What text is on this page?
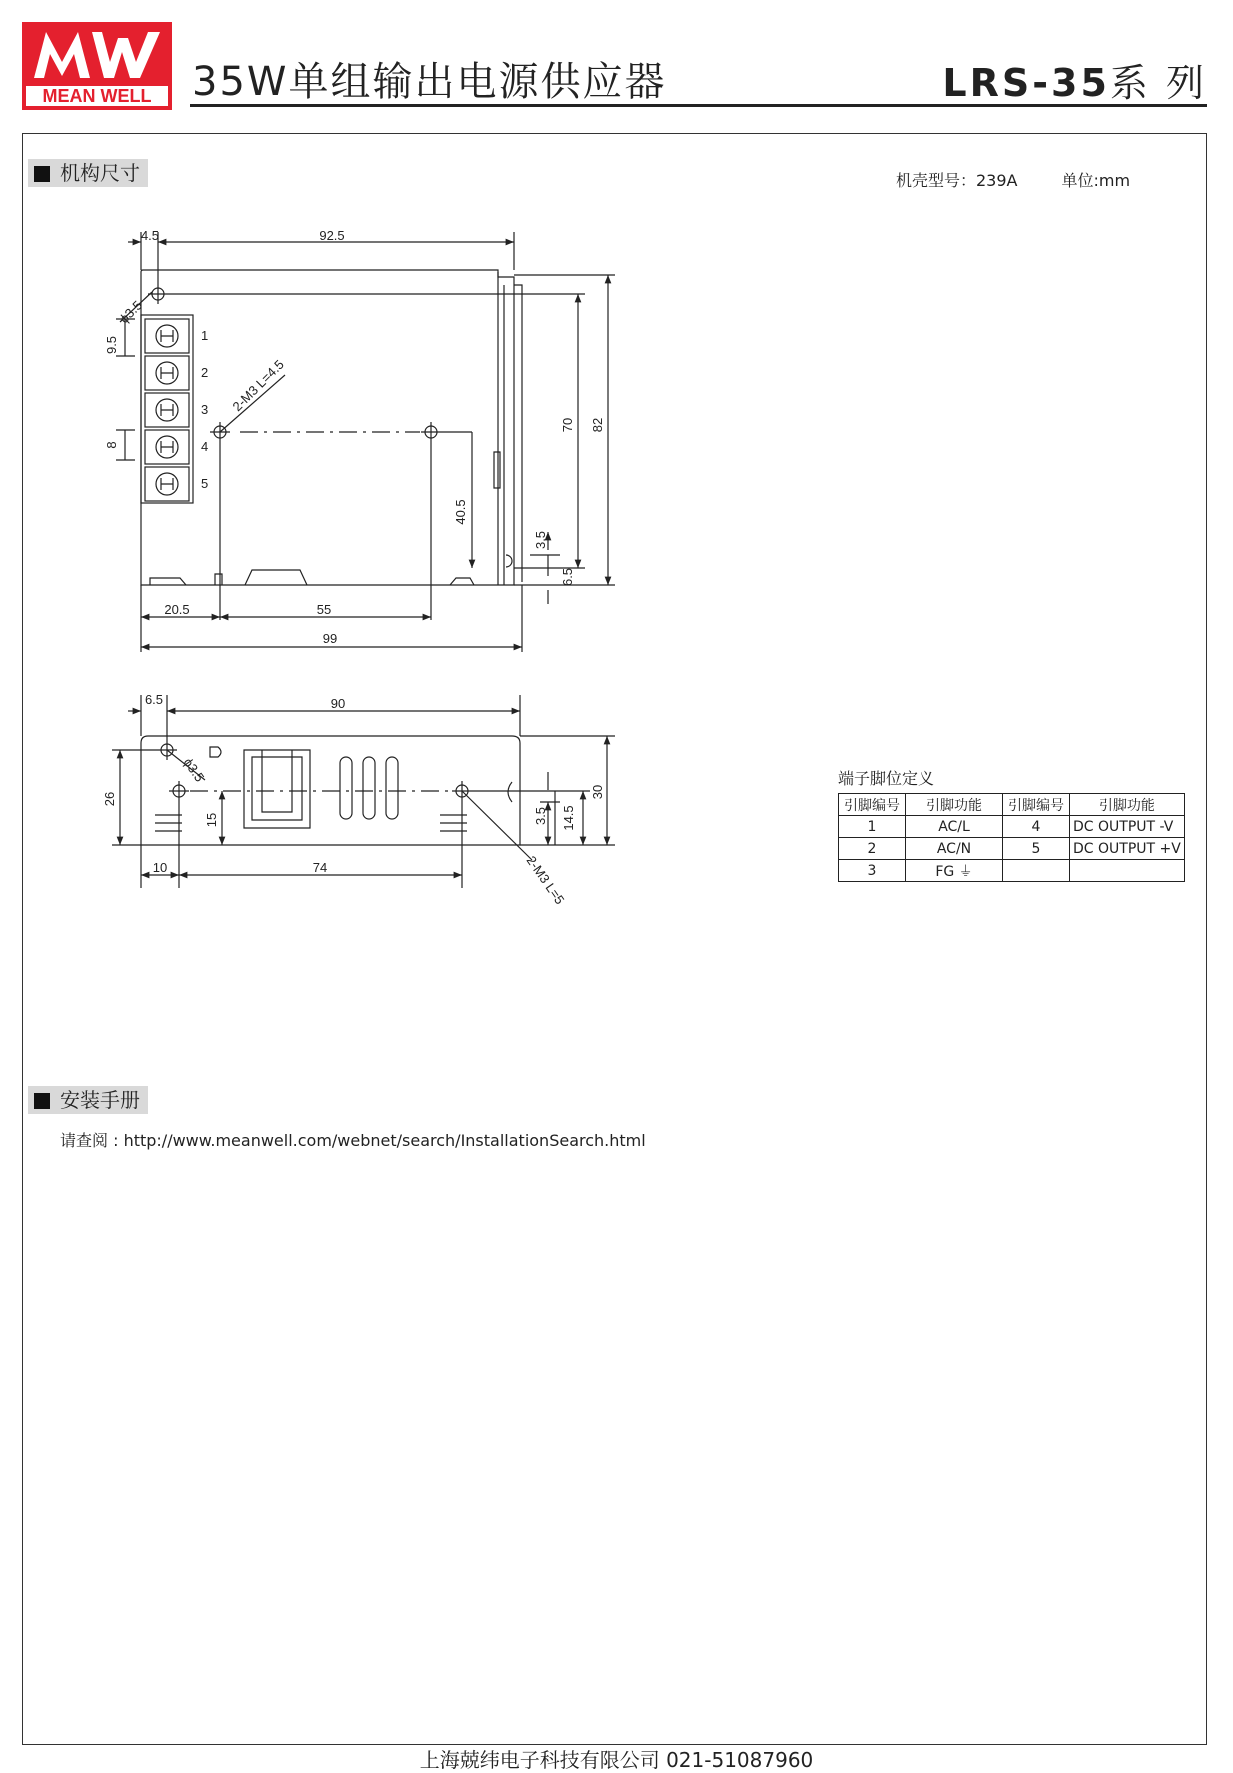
MEAN WELL 35W单组输出电源供应器	LRS-35系 列
机构尺寸	机壳型号：239A	单位:mm
4.5	92.5
ϕ3.5
9.5
8
2-M3 L=4.5
70 82
40.5
3.5
6.5
20.5	55
99
1
2
3
4
5
6.5	90
ϕ3.5
26
15	3.5 14.5
30
10	74	2-M3 L=5
端子脚位定义
引脚编号	引脚功能	引脚编号	引脚功能
1	AC/L	4	DC OUTPUT -V
2	AC/N	5	DC OUTPUT +V
3	FG ⏚		
安装手册
请查阅 : http://www.meanwell.com/webnet/search/InstallationSearch.html
上海兢纬电子科技有限公司 021-51087960
